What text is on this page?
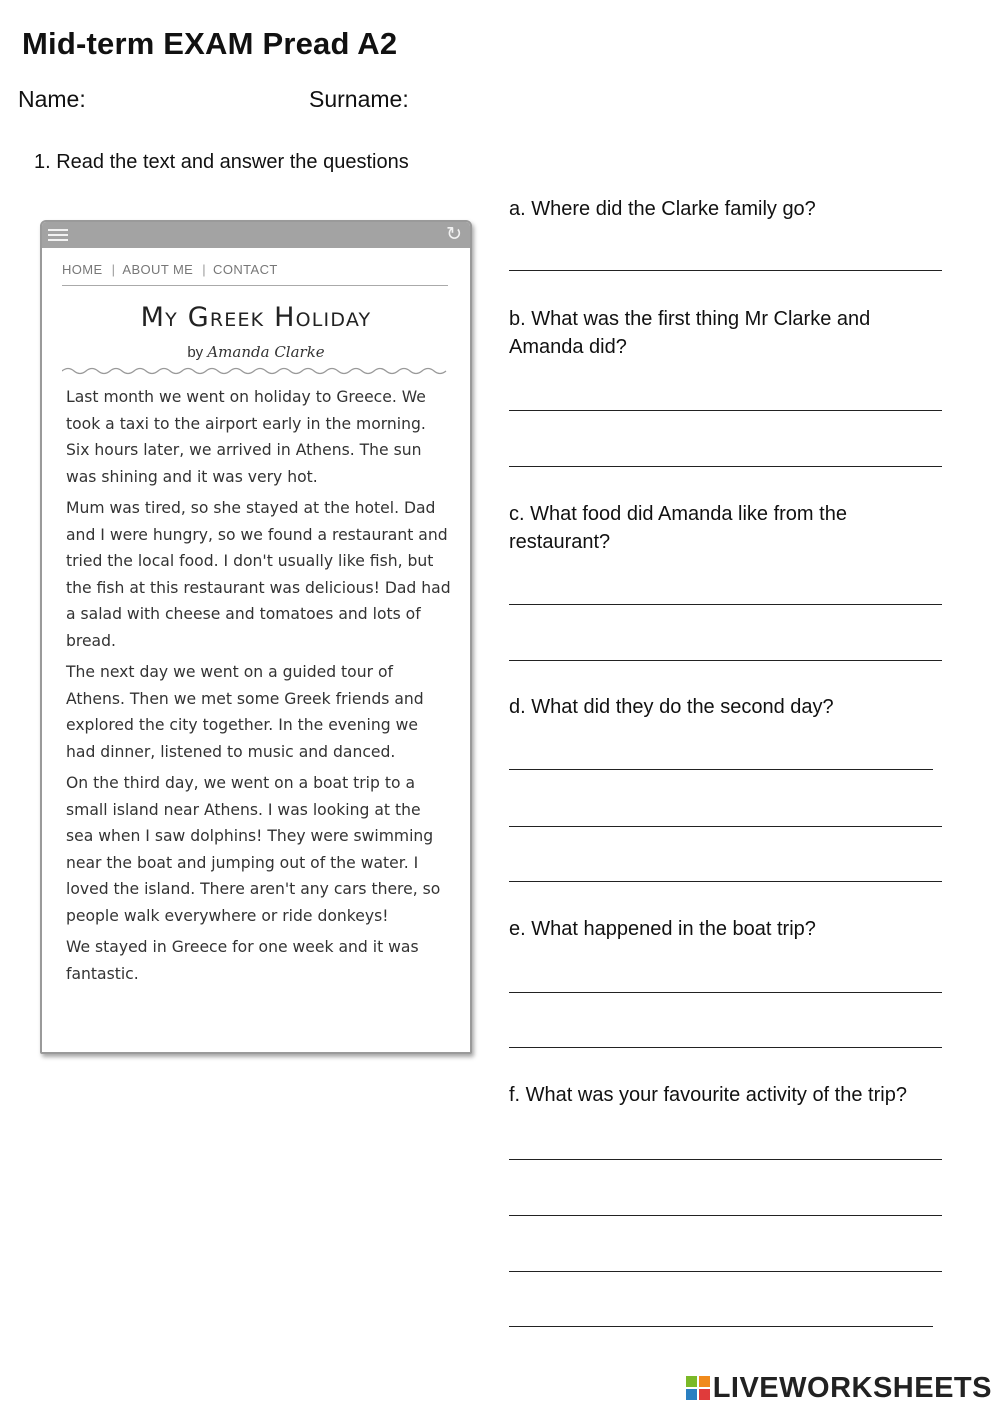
Mid-term EXAM Pread A2
Name:	Surname:
1. Read the text and answer the questions
↻
HOME | ABOUT ME | CONTACT
My Greek Holiday
by Amanda Clarke

Last month we went on holiday to Greece. We took a taxi to the airport early in the morning. Six hours later, we arrived in Athens. The sun was shining and it was very hot.

Mum was tired, so she stayed at the hotel. Dad and I were hungry, so we found a restaurant and tried the local food. I don't usually like fish, but the fish at this restaurant was delicious! Dad had a salad with cheese and tomatoes and lots of bread.

The next day we went on a guided tour of Athens. Then we met some Greek friends and explored the city together. In the evening we had dinner, listened to music and danced.

On the third day, we went on a boat trip to a small island near Athens. I was looking at the sea when I saw dolphins! They were swimming near the boat and jumping out of the water. I loved the island. There aren't any cars there, so people walk everywhere or ride donkeys!

We stayed in Greece for one week and it was fantastic.

a. Where did the Clarke family go?
b. What was the first thing Mr Clarke and
Amanda did?
c. What food did Amanda like from the
restaurant?
d. What did they do the second day?
e. What happened in the boat trip?
f. What was your favourite activity of the trip?
LIVEWORKSHEETS
